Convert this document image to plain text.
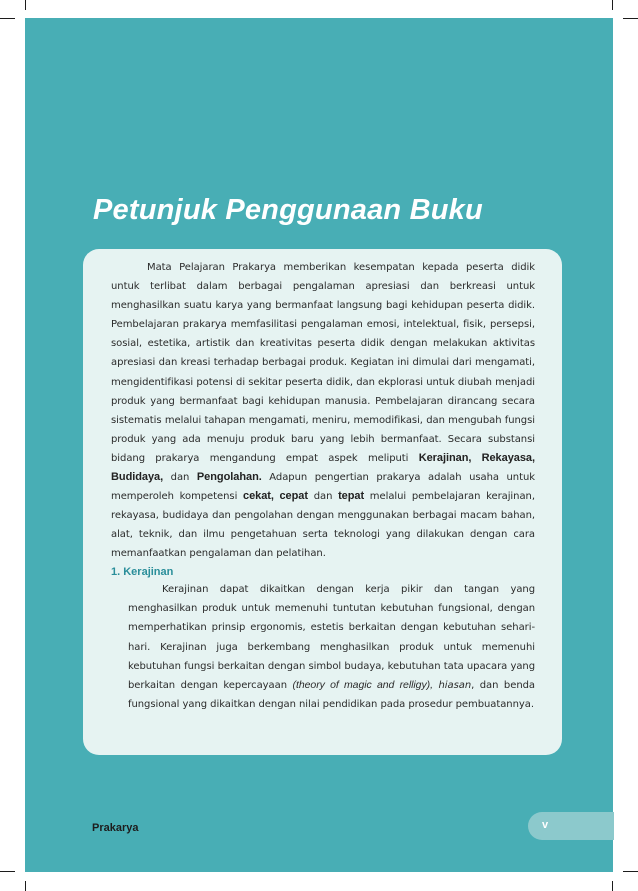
Petunjuk Penggunaan Buku

Mata Pelajaran Prakarya memberikan kesempatan kepada peserta didik untuk terlibat dalam berbagai pengalaman apresiasi dan berkreasi untuk menghasilkan suatu karya yang bermanfaat langsung bagi kehidupan peserta didik. Pembelajaran prakarya memfasilitasi pengalaman emosi, intelektual, fisik, persepsi, sosial, estetika, artistik dan kreativitas peserta didik dengan melakukan aktivitas apresiasi dan kreasi terhadap berbagai produk. Kegiatan ini dimulai dari mengamati, mengidentifikasi potensi di sekitar peserta didik, dan ekplorasi untuk diubah menjadi produk yang bermanfaat bagi kehidupan manusia. Pembelajaran dirancang secara sistematis melalui tahapan mengamati, meniru, memodifikasi, dan mengubah fungsi produk yang ada menuju produk baru yang lebih bermanfaat. Secara substansi bidang prakarya mengandung empat aspek meliputi Kerajinan, Rekayasa, Budidaya, dan Pengolahan. Adapun pengertian prakarya adalah usaha untuk memperoleh kompetensi cekat, cepat dan tepat melalui pembelajaran kerajinan, rekayasa, budidaya dan pengolahan dengan menggunakan berbagai macam bahan, alat, teknik, dan ilmu pengetahuan serta teknologi yang dilakukan dengan cara memanfaatkan pengalaman dan pelatihan.

1. Kerajinan

Kerajinan dapat dikaitkan dengan kerja pikir dan tangan yang menghasilkan produk untuk memenuhi tuntutan kebutuhan fungsional, dengan memperhatikan prinsip ergonomis, estetis berkaitan dengan kebutuhan sehari-hari. Kerajinan juga berkembang menghasilkan produk untuk memenuhi kebutuhan fungsi berkaitan dengan simbol budaya, kebutuhan tata upacara yang berkaitan dengan kepercayaan (theory of magic and relligy), hiasan, dan benda fungsional yang dikaitkan dengan nilai pendidikan pada prosedur pembuatannya.

Prakarya	v
